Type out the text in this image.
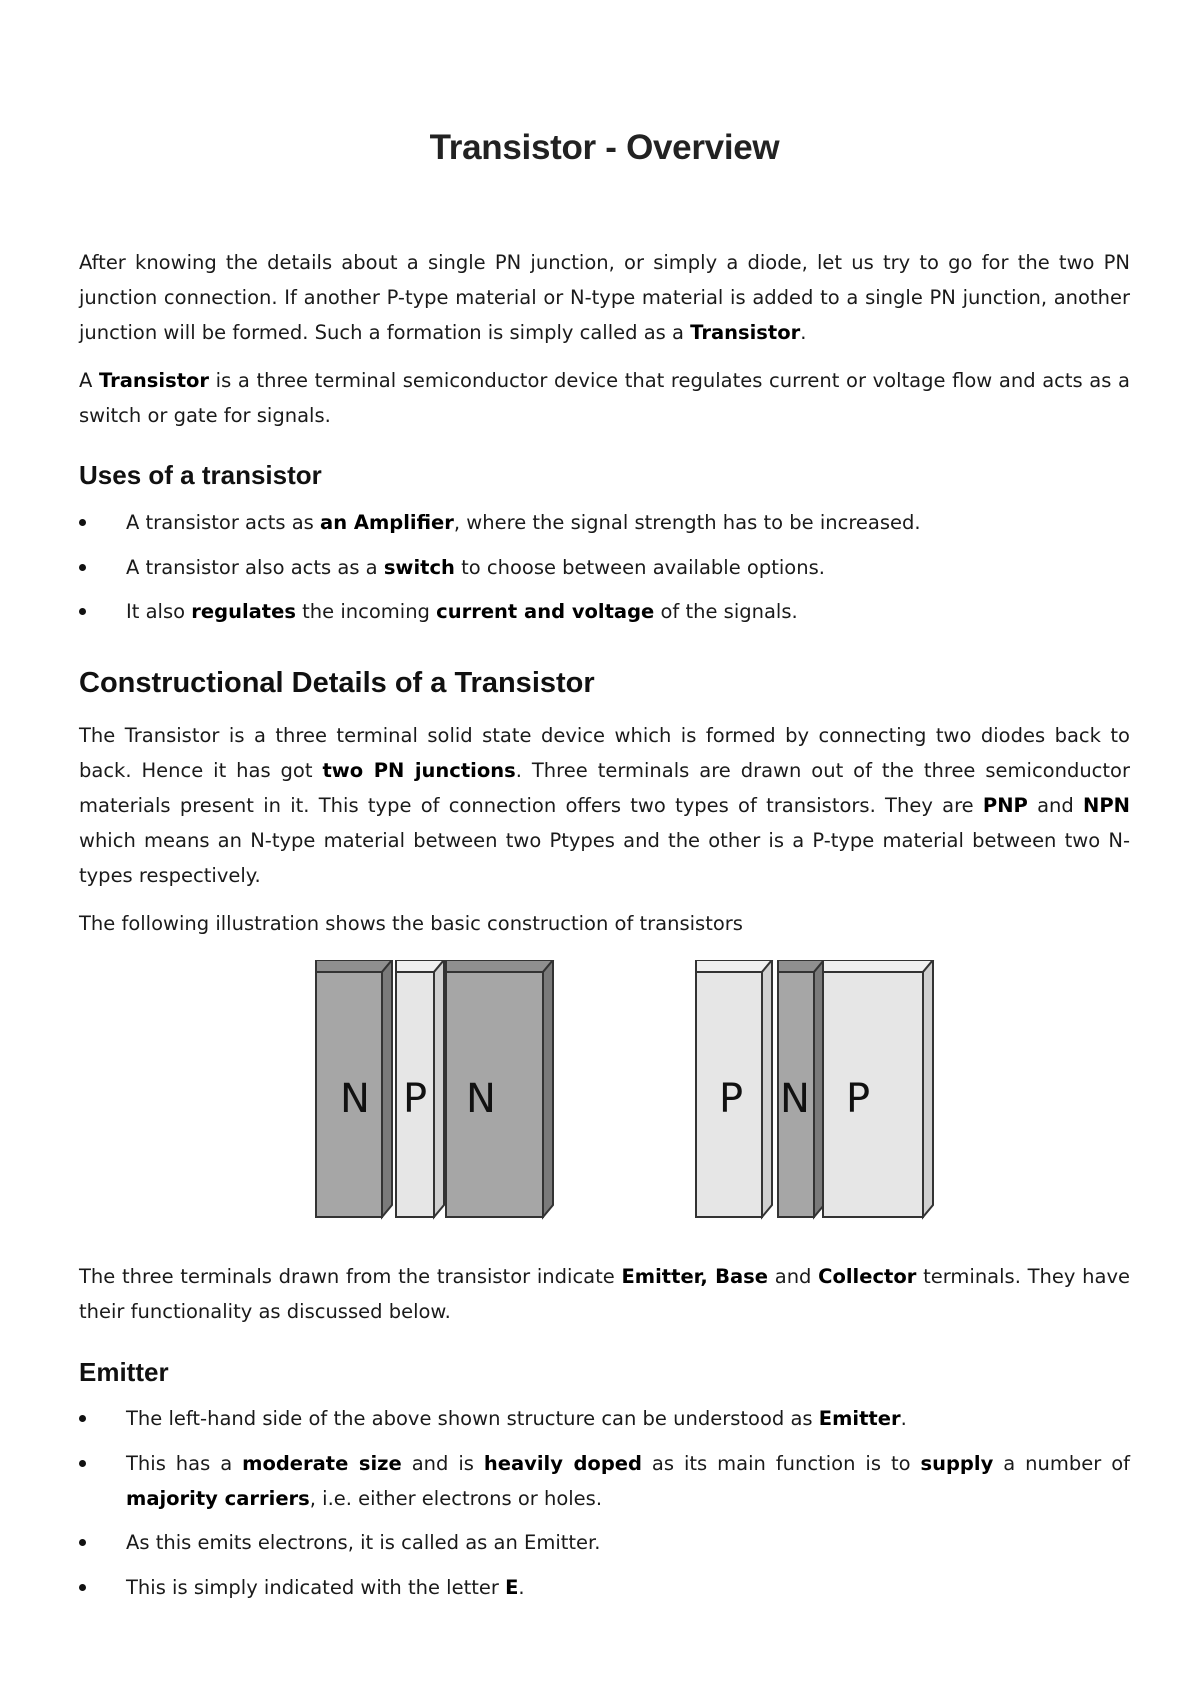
Transistor - Overview

After knowing the details about a single PN junction, or simply a diode, let us try to go for the two PN junction connection. If another P-type material or N-type material is added to a single PN junction, another junction will be formed. Such a formation is simply called as a Transistor.

A Transistor is a three terminal semiconductor device that regulates current or voltage flow and acts as a switch or gate for signals.

Uses of a transistor
A transistor acts as an Amplifier, where the signal strength has to be increased.
A transistor also acts as a switch to choose between available options.
It also regulates the incoming current and voltage of the signals.
Constructional Details of a Transistor

The Transistor is a three terminal solid state device which is formed by connecting two diodes back to back. Hence it has got two PN junctions. Three terminals are drawn out of the three semiconductor materials present in it. This type of connection offers two types of transistors. They are PNP and NPN which means an N-type material between two Ptypes and the other is a P-type material between two N-types respectively.

The following illustration shows the basic construction of transistors

N P N	P N P

The three terminals drawn from the transistor indicate Emitter, Base and Collector terminals. They have their functionality as discussed below.

Emitter
The left-hand side of the above shown structure can be understood as Emitter.
This has a moderate size and is heavily doped as its main function is to supply a number of majority carriers, i.e. either electrons or holes.
As this emits electrons, it is called as an Emitter.
This is simply indicated with the letter E.
